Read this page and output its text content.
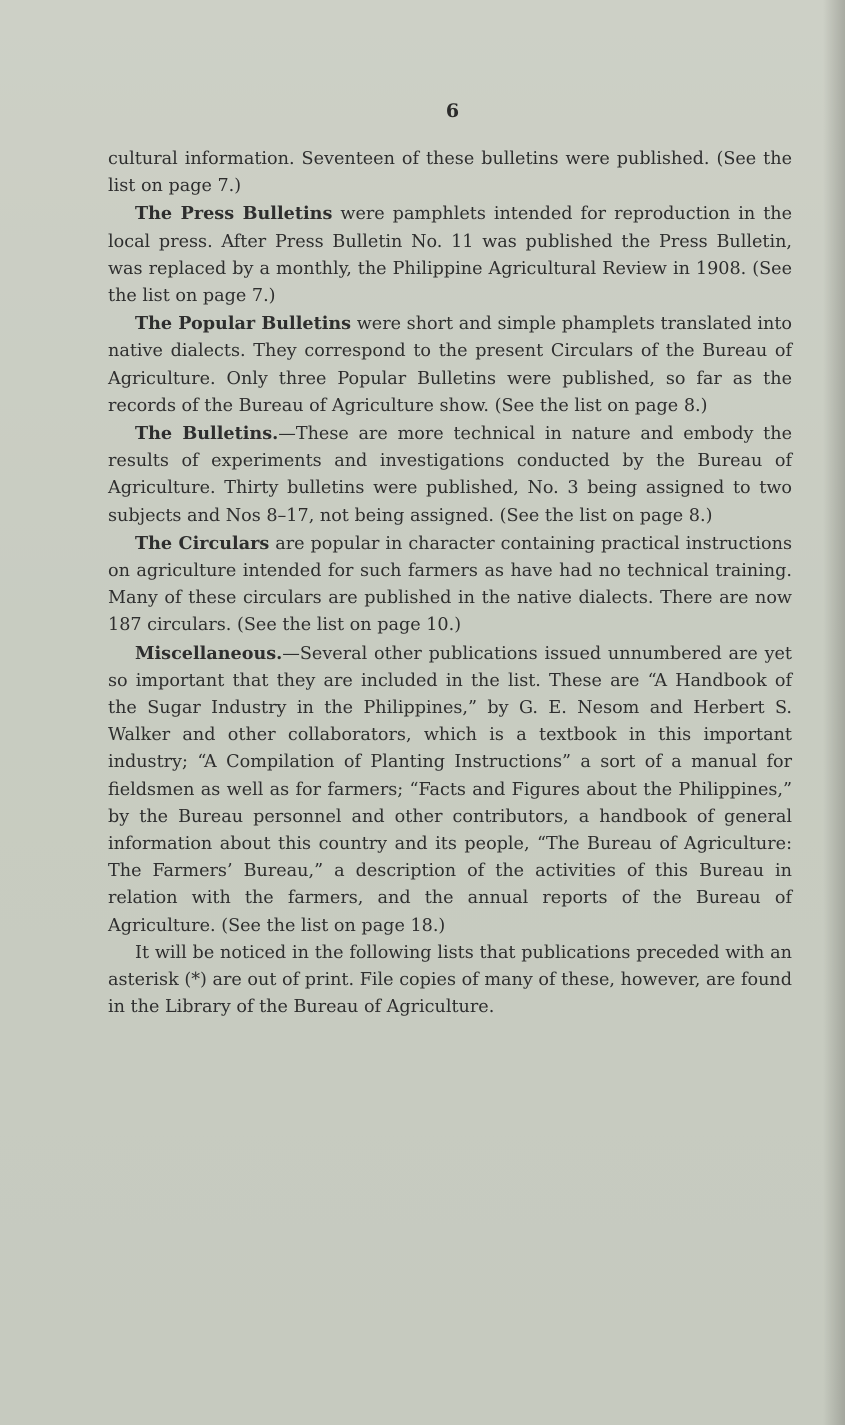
6

cultural information. Seventeen of these bulletins were published. (See the list on page 7.)

The Press Bulletins were pamphlets intended for reproduction in the local press. After Press Bulletin No. 11 was published the Press Bulletin, was replaced by a monthly, the Philippine Agricultural Review in 1908. (See the list on page 7.)

The Popular Bulletins were short and simple phamplets translated into native dialects. They correspond to the present Circulars of the Bureau of Agriculture. Only three Popular Bulletins were published, so far as the records of the Bureau of Agriculture show. (See the list on page 8.)

The Bulletins.—These are more technical in nature and embody the results of experiments and investigations conducted by the Bureau of Agriculture. Thirty bulletins were published, No. 3 being assigned to two subjects and Nos 8–17, not being assigned. (See the list on page 8.)

The Circulars are popular in character containing practical instructions on agriculture intended for such farmers as have had no technical training. Many of these circulars are published in the native dialects. There are now 187 circulars. (See the list on page 10.)

Miscellaneous.—Several other publications issued unnumbered are yet so important that they are included in the list. These are “A Handbook of the Sugar Industry in the Philippines,” by G. E. Nesom and Herbert S. Walker and other collaborators, which is a textbook in this important industry; “A Compilation of Planting Instructions” a sort of a manual for fieldsmen as well as for farmers; “Facts and Figures about the Philippines,” by the Bureau personnel and other contributors, a handbook of general information about this country and its people, “The Bureau of Agriculture: The Farmers’ Bureau,” a description of the activities of this Bureau in relation with the farmers, and the annual reports of the Bureau of Agriculture. (See the list on page 18.)

It will be noticed in the following lists that publications preceded with an asterisk (*) are out of print. File copies of many of these, however, are found in the Library of the Bureau of Agriculture.
